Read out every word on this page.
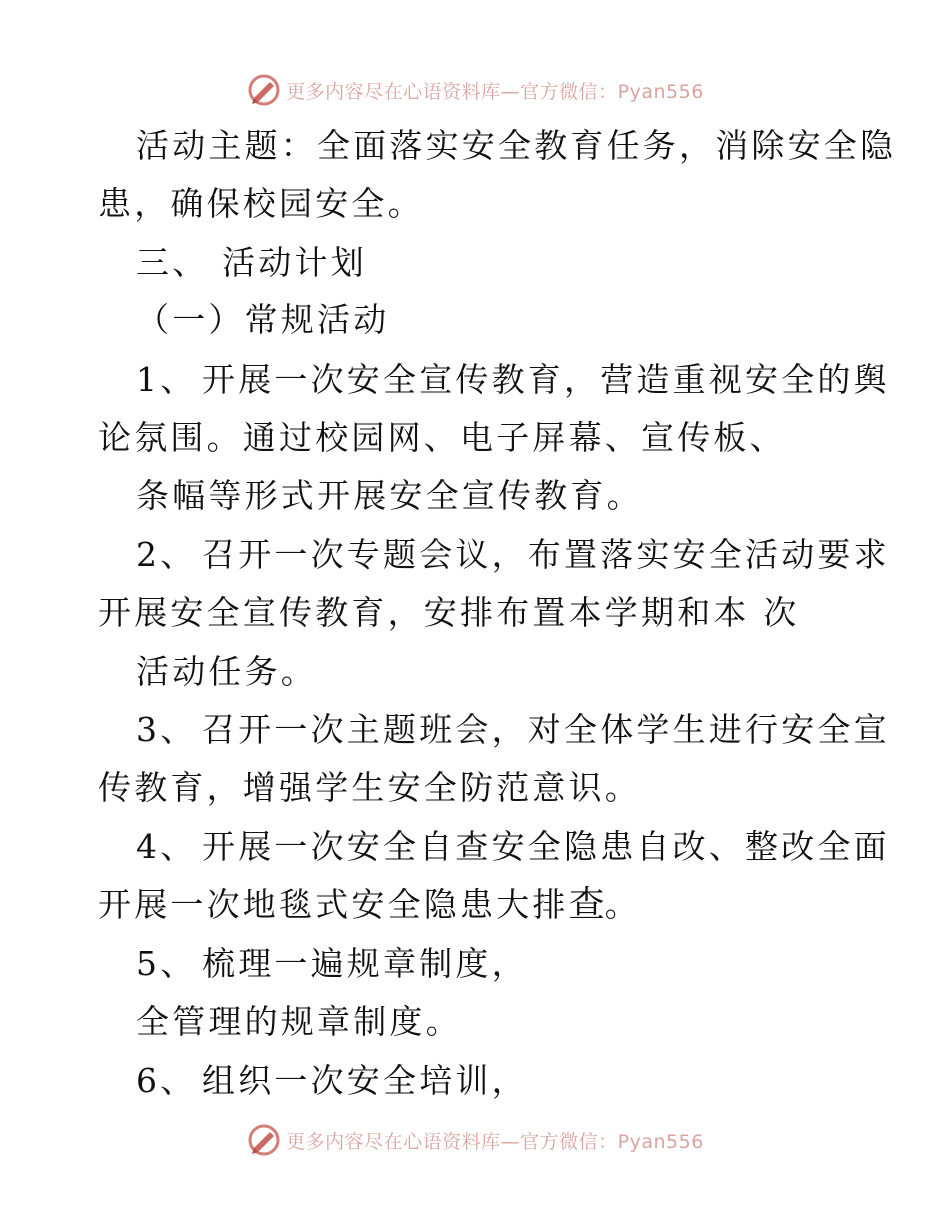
更多内容尽在心语资料库—官方微信：Pyan556
活动主题：全面落实安全教育任务，消除安全隐
患，确保校园安全。
三、 活动计划
（一）常规活动
1、 开展一次安全宣传教育，营造重视安全的舆
论氛围。通过校园网、电子屏幕、宣传板、
条幅等形式开展安全宣传教育。
2、 召开一次专题会议，布置落实安全活动要求
开展安全宣传教育，安排布置本学期和本 次
活动任务。
3、 召开一次主题班会，对全体学生进行安全宣
传教育，增强学生安全防范意识。
4、 开展一次安全自查安全隐患自改、整改全面
开展一次地毯式安全隐患大排查。
5、 梳理一遍规章制度，
全管理的规章制度。
6、 组织一次安全培训，
更多内容尽在心语资料库—官方微信：Pyan556
